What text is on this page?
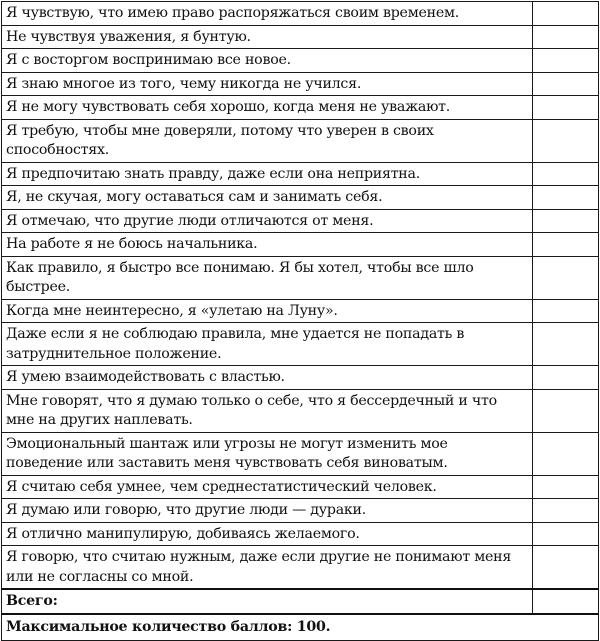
Я чувствую, что имею право распоряжаться своим временем.	
Не чувствуя уважения, я бунтую.	
Я с восторгом воспринимаю все новое.	
Я знаю многое из того, чему никогда не учился.	
Я не могу чувствовать себя хорошо, когда меня не уважают.	
Я требую, чтобы мне доверяли, потому что уверен в своих способностях.	
Я предпочитаю знать правду, даже если она неприятна.	
Я, не скучая, могу оставаться сам и занимать себя.	
Я отмечаю, что другие люди отличаются от меня.	
На работе я не боюсь начальника.	
Как правило, я быстро все понимаю. Я бы хотел, чтобы все шло быстрее.	
Когда мне неинтересно, я «улетаю на Луну».	
Даже если я не соблюдаю правила, мне удается не попадать в затруднительное положение.	
Я умею взаимодействовать с властью.	
Мне говорят, что я думаю только о себе, что я бессердечный и что мне на других наплевать.	
Эмоциональный шантаж или угрозы не могут изменить мое поведение или заставить меня чувствовать себя виноватым.	
Я считаю себя умнее, чем среднестатистический человек.	
Я думаю или говорю, что другие люди — дураки.	
Я отлично манипулирую, добиваясь желаемого.	
Я говорю, что считаю нужным, даже если другие не понимают меня или не согласны со мной.	
Всего:	
Максимальное количество баллов: 100.	
